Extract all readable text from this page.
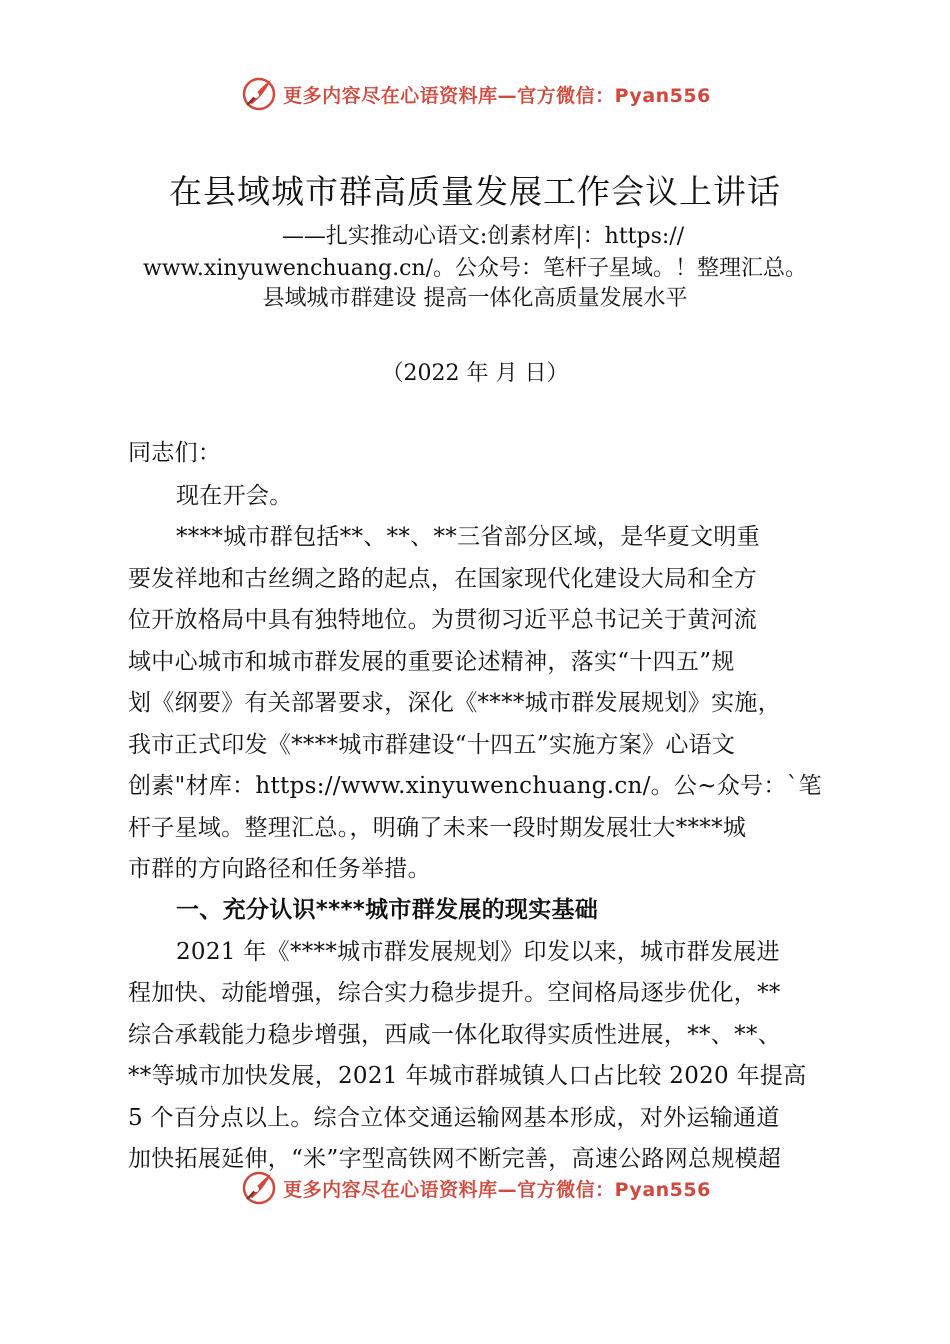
更多内容尽在心语资料库—官方微信：Pyan556
在县域城市群高质量发展工作会议上讲话
——扎实推动心语文:创素材库|：https://
www.xinyuwenchuang.cn/。公众号：笔杆子星域。！整理汇总。
县域城市群建设 提高一体化高质量发展水平
（2022 年 月 日）
同志们：
现在开会。
****城市群包括**、**、**三省部分区域，是华夏文明重
要发祥地和古丝绸之路的起点，在国家现代化建设大局和全方
位开放格局中具有独特地位。为贯彻习近平总书记关于黄河流
域中心城市和城市群发展的重要论述精神，落实“十四五”规
划《纲要》有关部署要求，深化《****城市群发展规划》实施，
我市正式印发《****城市群建设“十四五”实施方案》心语文
创素"材库：https://www.xinyuwenchuang.cn/。公~众号：`笔
杆子星域。整理汇总。，明确了未来一段时期发展壮大****城
市群的方向路径和任务举措。
一、充分认识****城市群发展的现实基础
2021 年《****城市群发展规划》印发以来，城市群发展进
程加快、动能增强，综合实力稳步提升。空间格局逐步优化，**
综合承载能力稳步增强，西咸一体化取得实质性进展，**、**、
**等城市加快发展，2021 年城市群城镇人口占比较 2020 年提高
5 个百分点以上。综合立体交通运输网基本形成，对外运输通道
加快拓展延伸，“米”字型高铁网不断完善，高速公路网总规模超
更多内容尽在心语资料库—官方微信：Pyan556
